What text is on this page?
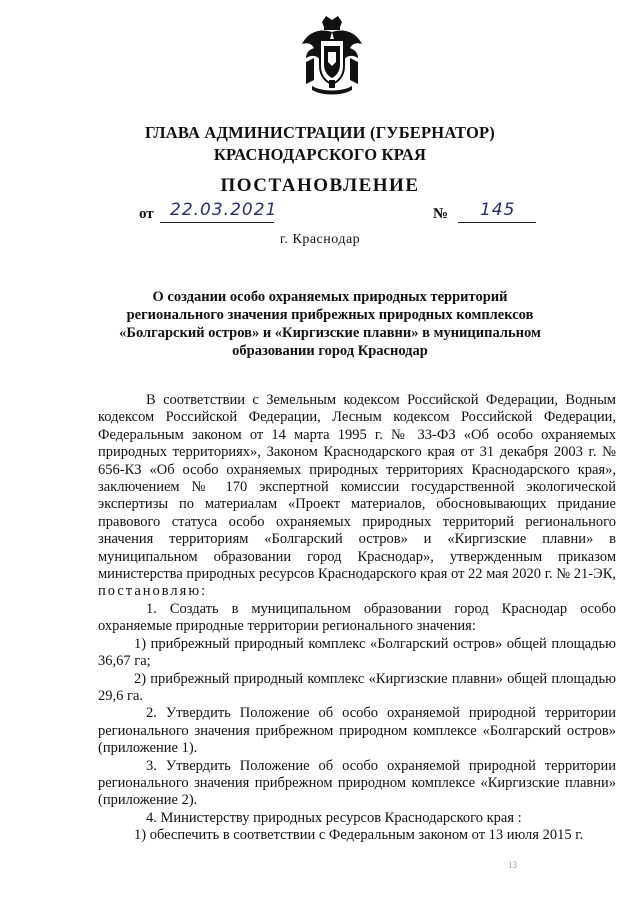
ГЛАВА АДМИНИСТРАЦИИ (ГУБЕРНАТОР)
КРАСНОДАРСКОГО КРАЯ
ПОСТАНОВЛЕНИЕ
от 22.03.2021	№ 145
г. Краснодар
О создании особо охраняемых природных территорий
регионального значения прибрежных природных комплексов
«Болгарский остров» и «Киргизские плавни» в муниципальном
образовании город Краснодар

В соответствии с Земельным кодексом Российской Федерации, Водным кодексом Российской Федерации, Лесным кодексом Российской Федерации, Федеральным законом от 14 марта 1995 г. № 33-ФЗ «Об особо охраняемых природных территориях», Законом Краснодарского края от 31 декабря 2003 г. № 656-КЗ «Об особо охраняемых природных территориях Краснодарского края», заключением № 170 экспертной комиссии государственной экологической экспертизы по материалам «Проект материалов, обосновывающих придание правового статуса особо охраняемых природных территорий регионального значения территориям «Болгарский остров» и «Киргизские плавни» в муниципальном образовании город Краснодар», утвержденным приказом министерства природных ресурсов Краснодарского края от 22 мая 2020 г. № 21-ЭК, постановляю:

1. Создать в муниципальном образовании город Краснодар особо охраняемые природные территории регионального значения:

1) прибрежный природный комплекс «Болгарский остров» общей площадью 36,67 га;

2) прибрежный природный комплекс «Киргизские плавни» общей площадью 29,6 га.

2. Утвердить Положение об особо охраняемой природной территории регионального значения прибрежном природном комплексе «Болгарский остров» (приложение 1).

3. Утвердить Положение об особо охраняемой природной территории регионального значения прибрежном природном комплексе «Киргизские плавни» (приложение 2).

4. Министерству природных ресурсов Краснодарского края :

1) обеспечить в соответствии с Федеральным законом от 13 июля 2015 г.

13
